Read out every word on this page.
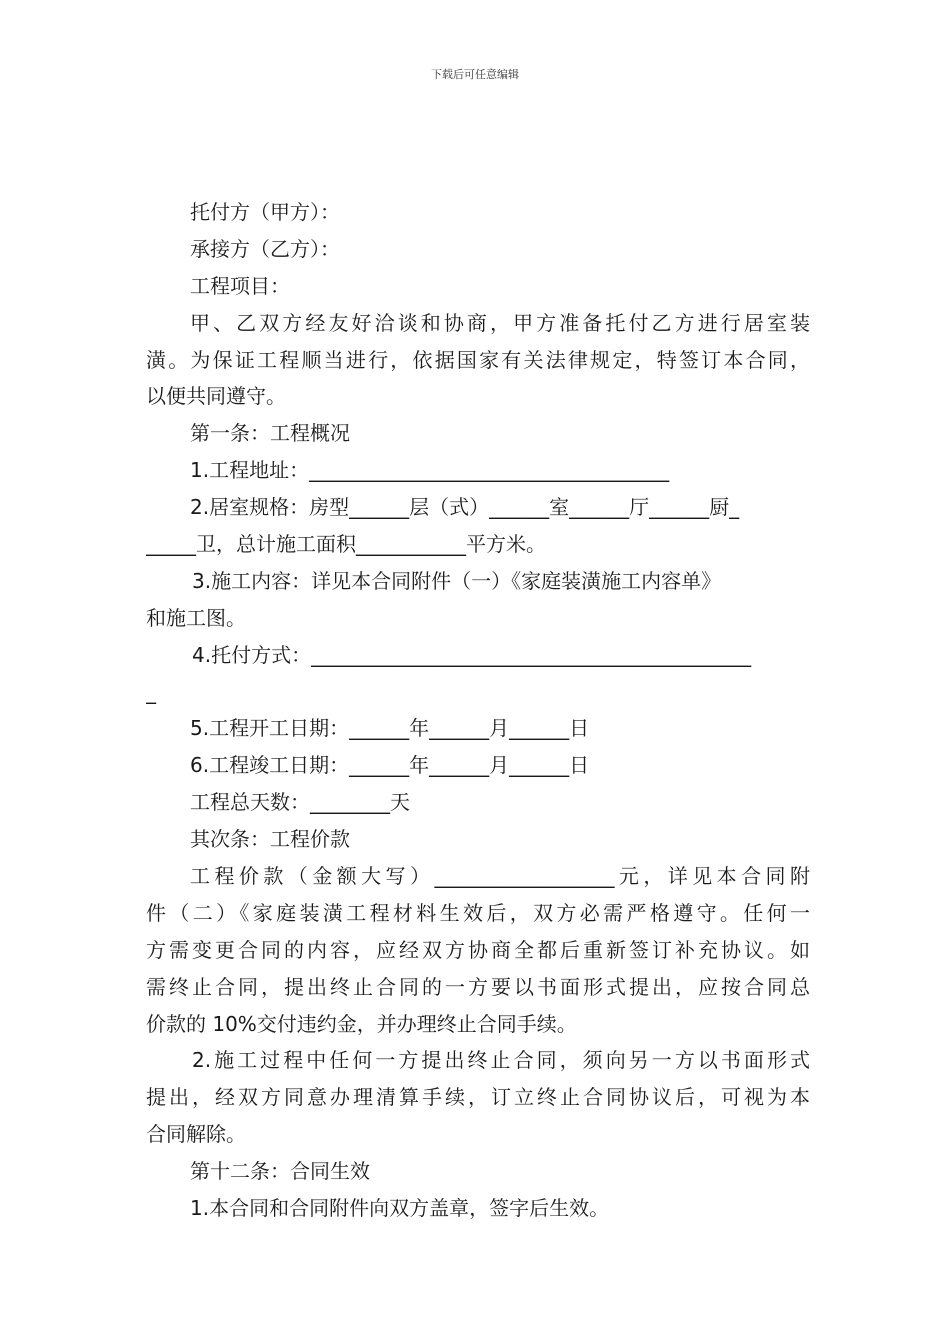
下载后可任意编辑
托付方（甲方）：
承接方（乙方）：
工程项目：
甲、乙双方经友好洽谈和协商，甲方准备托付乙方进行居室装
潢。为保证工程顺当进行，依据国家有关法律规定，特签订本合同，
以便共同遵守。
第一条：工程概况
1.工程地址：____________________________________
2.居室规格：房型______层（式）______室______厅______厨_
_____卫，总计施工面积___________平方米。
3.施工内容：详见本合同附件（一）《家庭装潢施工内容单》
和施工图。
4.托付方式：____________________________________________
_
5.工程开工日期：______年______月______日
6.工程竣工日期：______年______月______日
工程总天数：________天
其次条：工程价款
工程价款（金额大写）__________________元，详见本合同附
件（二）《家庭装潢工程材料生效后，双方必需严格遵守。任何一
方需变更合同的内容，应经双方协商全都后重新签订补充协议。如
需终止合同，提出终止合同的一方要以书面形式提出，应按合同总
价款的 10%交付违约金，并办理终止合同手续。
2.施工过程中任何一方提出终止合同，须向另一方以书面形式
提出，经双方同意办理清算手续，订立终止合同协议后，可视为本
合同解除。
第十二条：合同生效
1.本合同和合同附件向双方盖章，签字后生效。
